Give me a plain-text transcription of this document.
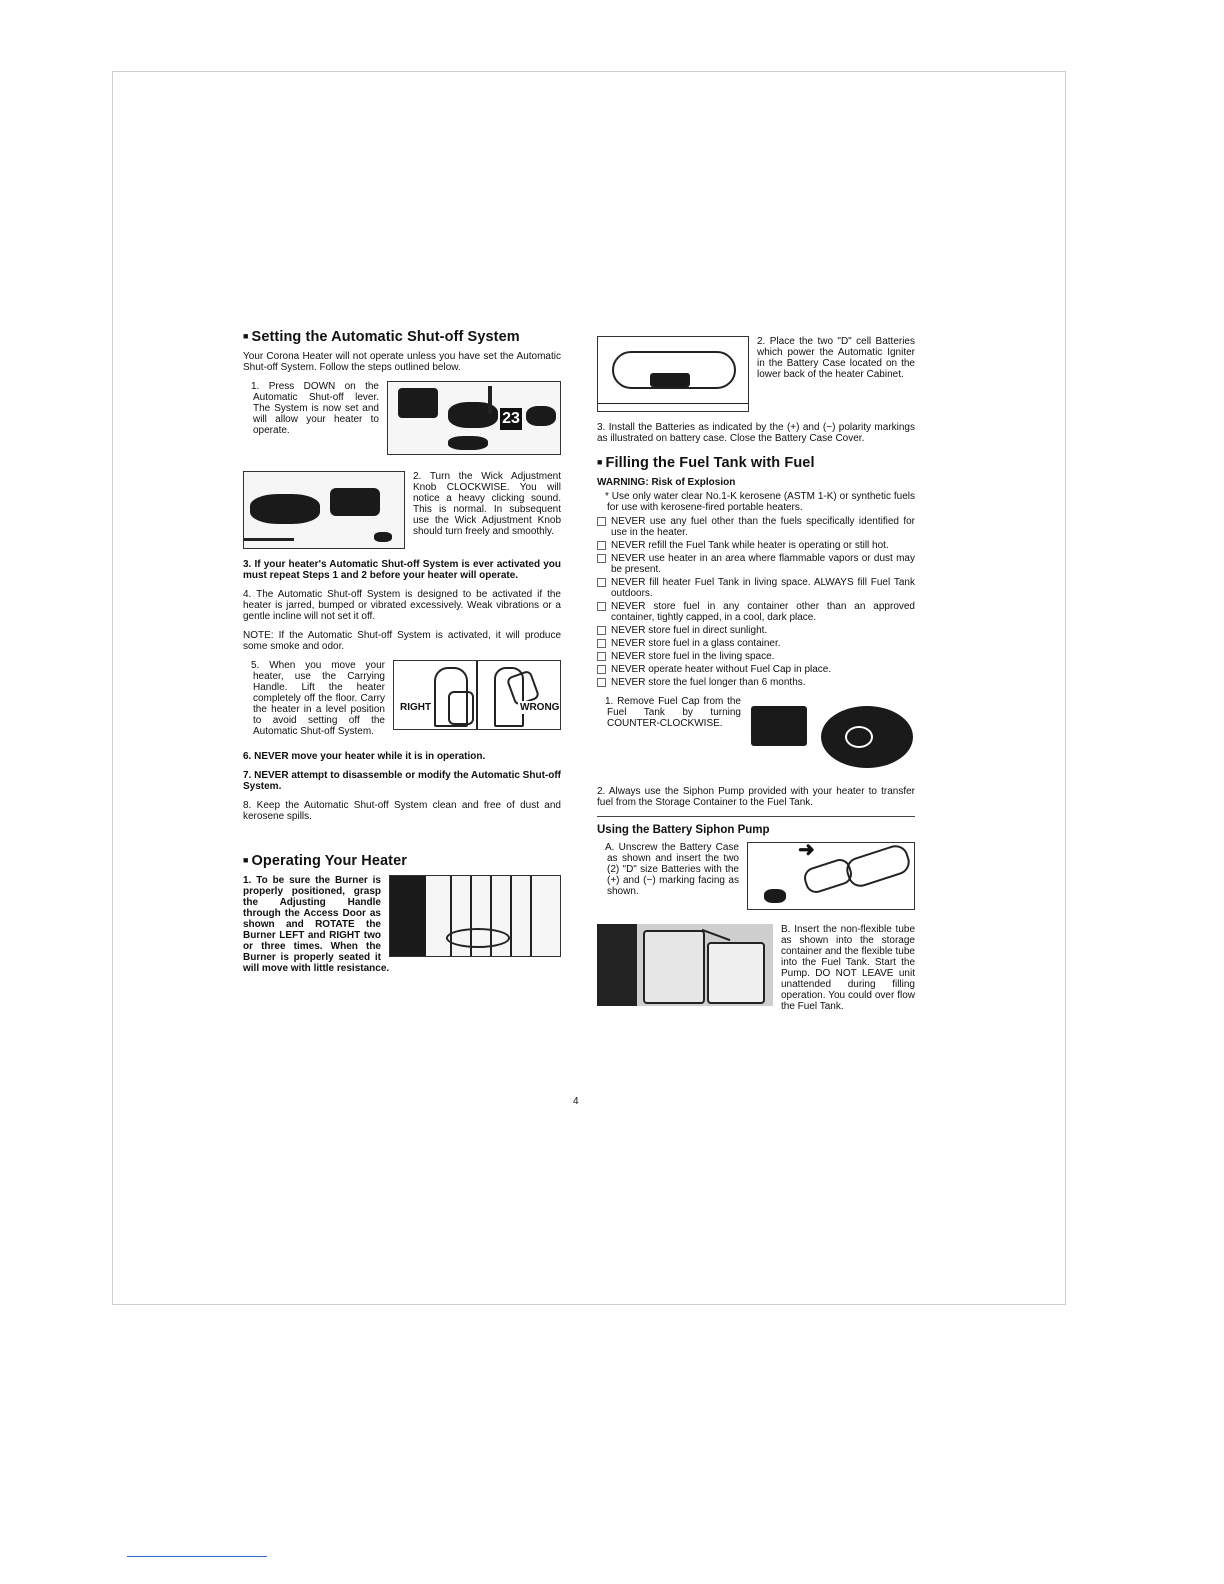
■ Setting the Automatic Shut-off System

Your Corona Heater will not operate unless you have set the Automatic Shut-off System. Follow the steps outlined below.

23

1. Press DOWN on the Automatic Shut-off lever. The System is now set and will allow your heater to operate.

2. Turn the Wick Adjustment Knob CLOCKWISE. You will notice a heavy clicking sound. This is normal. In subsequent use the Wick Adjustment Knob should turn freely and smoothly.

3. If your heater's Automatic Shut-off System is ever activated you must repeat Steps 1 and 2 before your heater will operate.

4. The Automatic Shut-off System is designed to be activated if the heater is jarred, bumped or vibrated excessively. Weak vibrations or a gentle incline will not set it off.

NOTE: If the Automatic Shut-off System is activated, it will produce some smoke and odor.

RIGHT	WRONG

5. When you move your heater, use the Carrying Handle. Lift the heater completely off the floor. Carry the heater in a level position to avoid setting off the Automatic Shut-off System.

6. NEVER move your heater while it is in operation.

7. NEVER attempt to disassemble or modify the Automatic Shut-off System.

8. Keep the Automatic Shut-off System clean and free of dust and kerosene spills.

■ Operating Your Heater

1. To be sure the Burner is properly positioned, grasp the Adjusting Handle through the Access Door as shown and ROTATE the Burner LEFT and RIGHT two or three times. When the Burner is properly seated it will move with little resistance.

2. Place the two "D" cell Batteries which power the Automatic Igniter in the Battery Case located on the lower back of the heater Cabinet.

3. Install the Batteries as indicated by the (+) and (−) polarity markings as illustrated on battery case. Close the Battery Case Cover.

■ Filling the Fuel Tank with Fuel
WARNING: Risk of Explosion

* Use only water clear No.1-K kerosene (ASTM 1-K) or synthetic fuels for use with kerosene-fired portable heaters.

NEVER use any fuel other than the fuels specifically identified for use in the heater.
NEVER refill the Fuel Tank while heater is operating or still hot.
NEVER use heater in an area where flammable vapors or dust may be present.
NEVER fill heater Fuel Tank in living space. ALWAYS fill Fuel Tank outdoors.
NEVER store fuel in any container other than an approved container, tightly capped, in a cool, dark place.
NEVER store fuel in direct sunlight.
NEVER store fuel in a glass container.
NEVER store fuel in the living space.
NEVER operate heater without Fuel Cap in place.
NEVER store the fuel longer than 6 months.

1. Remove Fuel Cap from the Fuel Tank by turning COUNTER-CLOCKWISE.

2. Always use the Siphon Pump provided with your heater to transfer fuel from the Storage Container to the Fuel Tank.

Using the Battery Siphon Pump
➜

A. Unscrew the Battery Case as shown and insert the two (2) "D" size Batteries with the (+) and (−) marking facing as shown.

B. Insert the non-flexible tube as shown into the storage container and the flexible tube into the Fuel Tank. Start the Pump. DO NOT LEAVE unit unattended during filling operation. You could over flow the Fuel Tank.

4
